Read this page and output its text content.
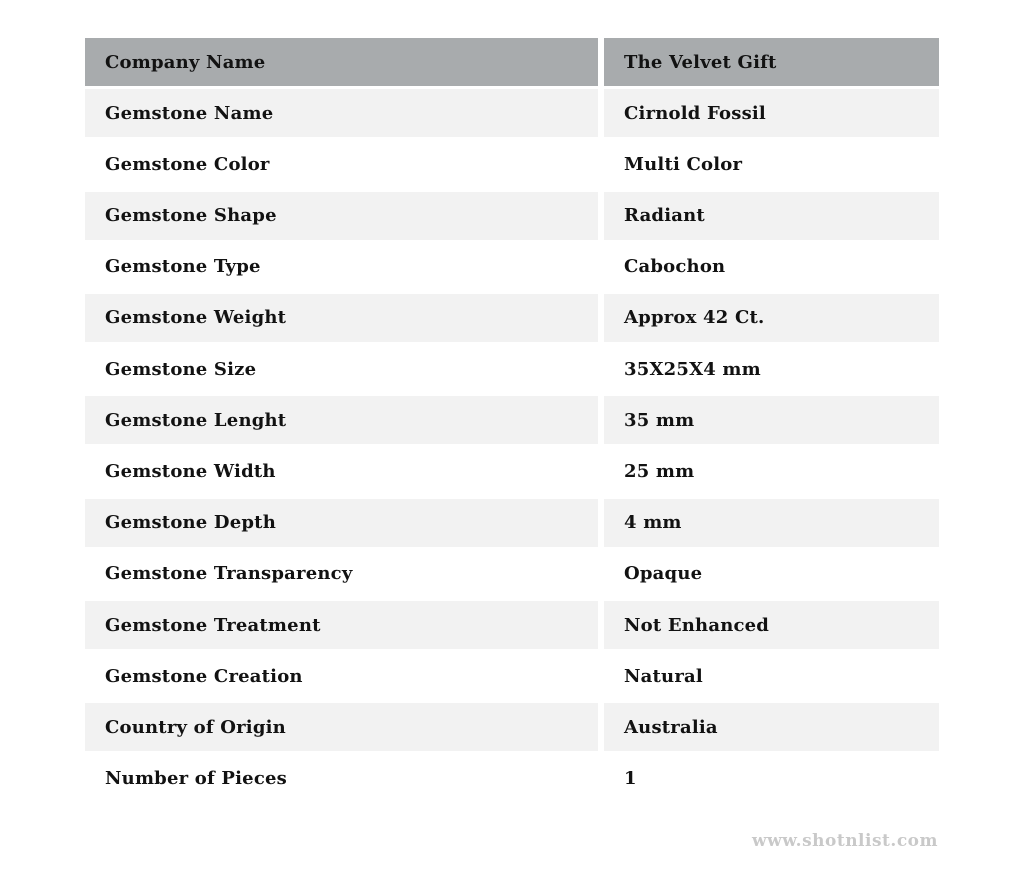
Company Name	The Velvet Gift
Gemstone Name	Cirnold Fossil
Gemstone Color	Multi Color
Gemstone Shape	Radiant
Gemstone Type	Cabochon
Gemstone Weight	Approx 42 Ct.
Gemstone Size	35X25X4 mm
Gemstone Lenght	35 mm
Gemstone Width	25 mm
Gemstone Depth	4 mm
Gemstone Transparency	Opaque
Gemstone Treatment	Not Enhanced
Gemstone Creation	Natural
Country of Origin	Australia
Number of Pieces	1
www.shotnlist.com
